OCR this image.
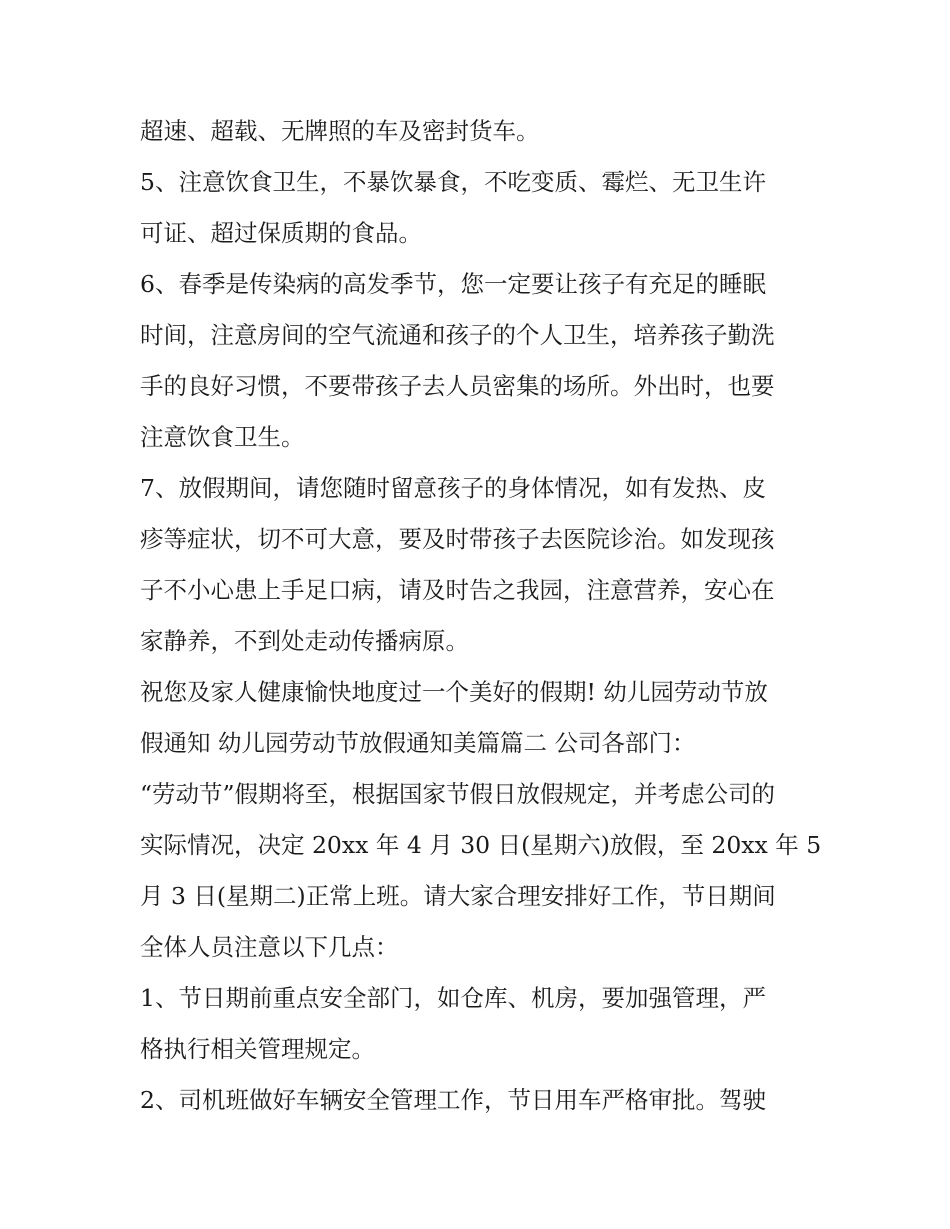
超速、超载、无牌照的车及密封货车。
5、注意饮食卫生，不暴饮暴食，不吃变质、霉烂、无卫生许
可证、超过保质期的食品。
6、春季是传染病的高发季节，您一定要让孩子有充足的睡眠
时间，注意房间的空气流通和孩子的个人卫生，培养孩子勤洗
手的良好习惯，不要带孩子去人员密集的场所。外出时，也要
注意饮食卫生。
7、放假期间，请您随时留意孩子的身体情况，如有发热、皮
疹等症状，切不可大意，要及时带孩子去医院诊治。如发现孩
子不小心患上手足口病，请及时告之我园，注意营养，安心在
家静养，不到处走动传播病原。
祝您及家人健康愉快地度过一个美好的假期! 幼儿园劳动节放
假通知 幼儿园劳动节放假通知美篇篇二 公司各部门：
“劳动节”假期将至，根据国家节假日放假规定，并考虑公司的
实际情况，决定 20xx 年 4 月 30 日(星期六)放假，至 20xx 年 5
月 3 日(星期二)正常上班。请大家合理安排好工作，节日期间
全体人员注意以下几点：
1、节日期前重点安全部门，如仓库、机房，要加强管理，严
格执行相关管理规定。
2、司机班做好车辆安全管理工作，节日用车严格审批。驾驶
